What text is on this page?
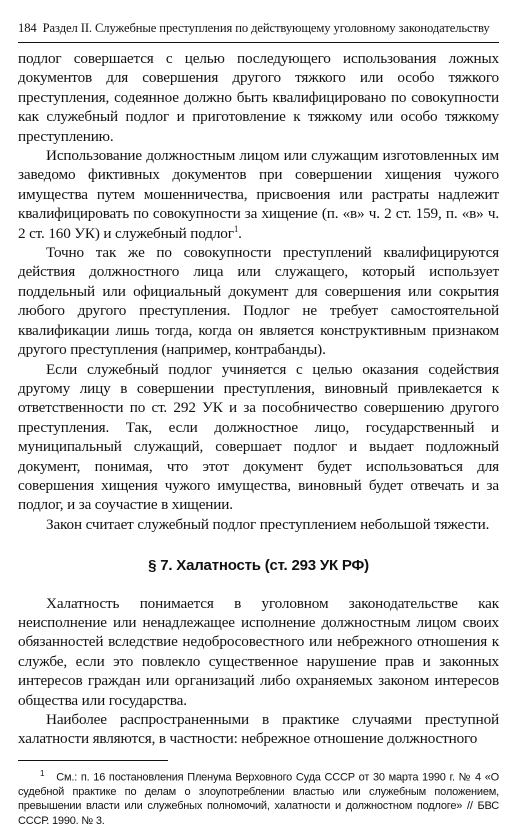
184 Раздел II. Служебные преступления по действующему уголовному законодательству

подлог совершается с целью последующего использования ложных документов для совершения другого тяжкого или особо тяжкого преступления, содеянное должно быть квалифицировано по совокупности как служебный подлог и приготовление к тяжкому или особо тяжкому преступлению.

Использование должностным лицом или служащим изготовленных им заведомо фиктивных документов при совершении хищения чужого имущества путем мошенничества, присвоения или растраты надлежит квалифицировать по совокупности за хищение (п. «в» ч. 2 ст. 159, п. «в» ч. 2 ст. 160 УК) и служебный подлог$^1$.

Точно так же по совокупности преступлений квалифицируются действия должностного лица или служащего, который использует поддельный или официальный документ для совершения или сокрытия любого другого преступления. Подлог не требует самостоятельной квалификации лишь тогда, когда он является конструктивным признаком другого преступления (например, контрабанды).

Если служебный подлог учиняется с целью оказания содействия другому лицу в совершении преступления, виновный привлекается к ответственности по ст. 292 УК и за пособничество совершению другого преступления. Так, если должностное лицо, государственный и муниципальный служащий, совершает подлог и выдает подложный документ, понимая, что этот документ будет использоваться для совершения хищения чужого имущества, виновный будет отвечать и за подлог, и за соучастие в хищении.

Закон считает служебный подлог преступлением небольшой тяжести.

§ 7. Халатность (ст. 293 УК РФ)

Халатность понимается в уголовном законодательстве как неисполнение или ненадлежащее исполнение должностным лицом своих обязанностей вследствие недобросовестного или небрежного отношения к службе, если это повлекло существенное нарушение прав и законных интересов граждан или организаций либо охраняемых законом интересов общества или государства.

Наиболее распространенными в практике случаями преступной халатности являются, в частности: небрежное отношение должностного

$^1$ См.: п. 16 постановления Пленума Верховного Суда СССР от 30 марта 1990 г. № 4 «О судебной практике по делам о злоупотреблении властью или служебным положением, превышении власти или служебных полномочий, халатности и должностном подлоге» // БВС СССР. 1990. № 3.
